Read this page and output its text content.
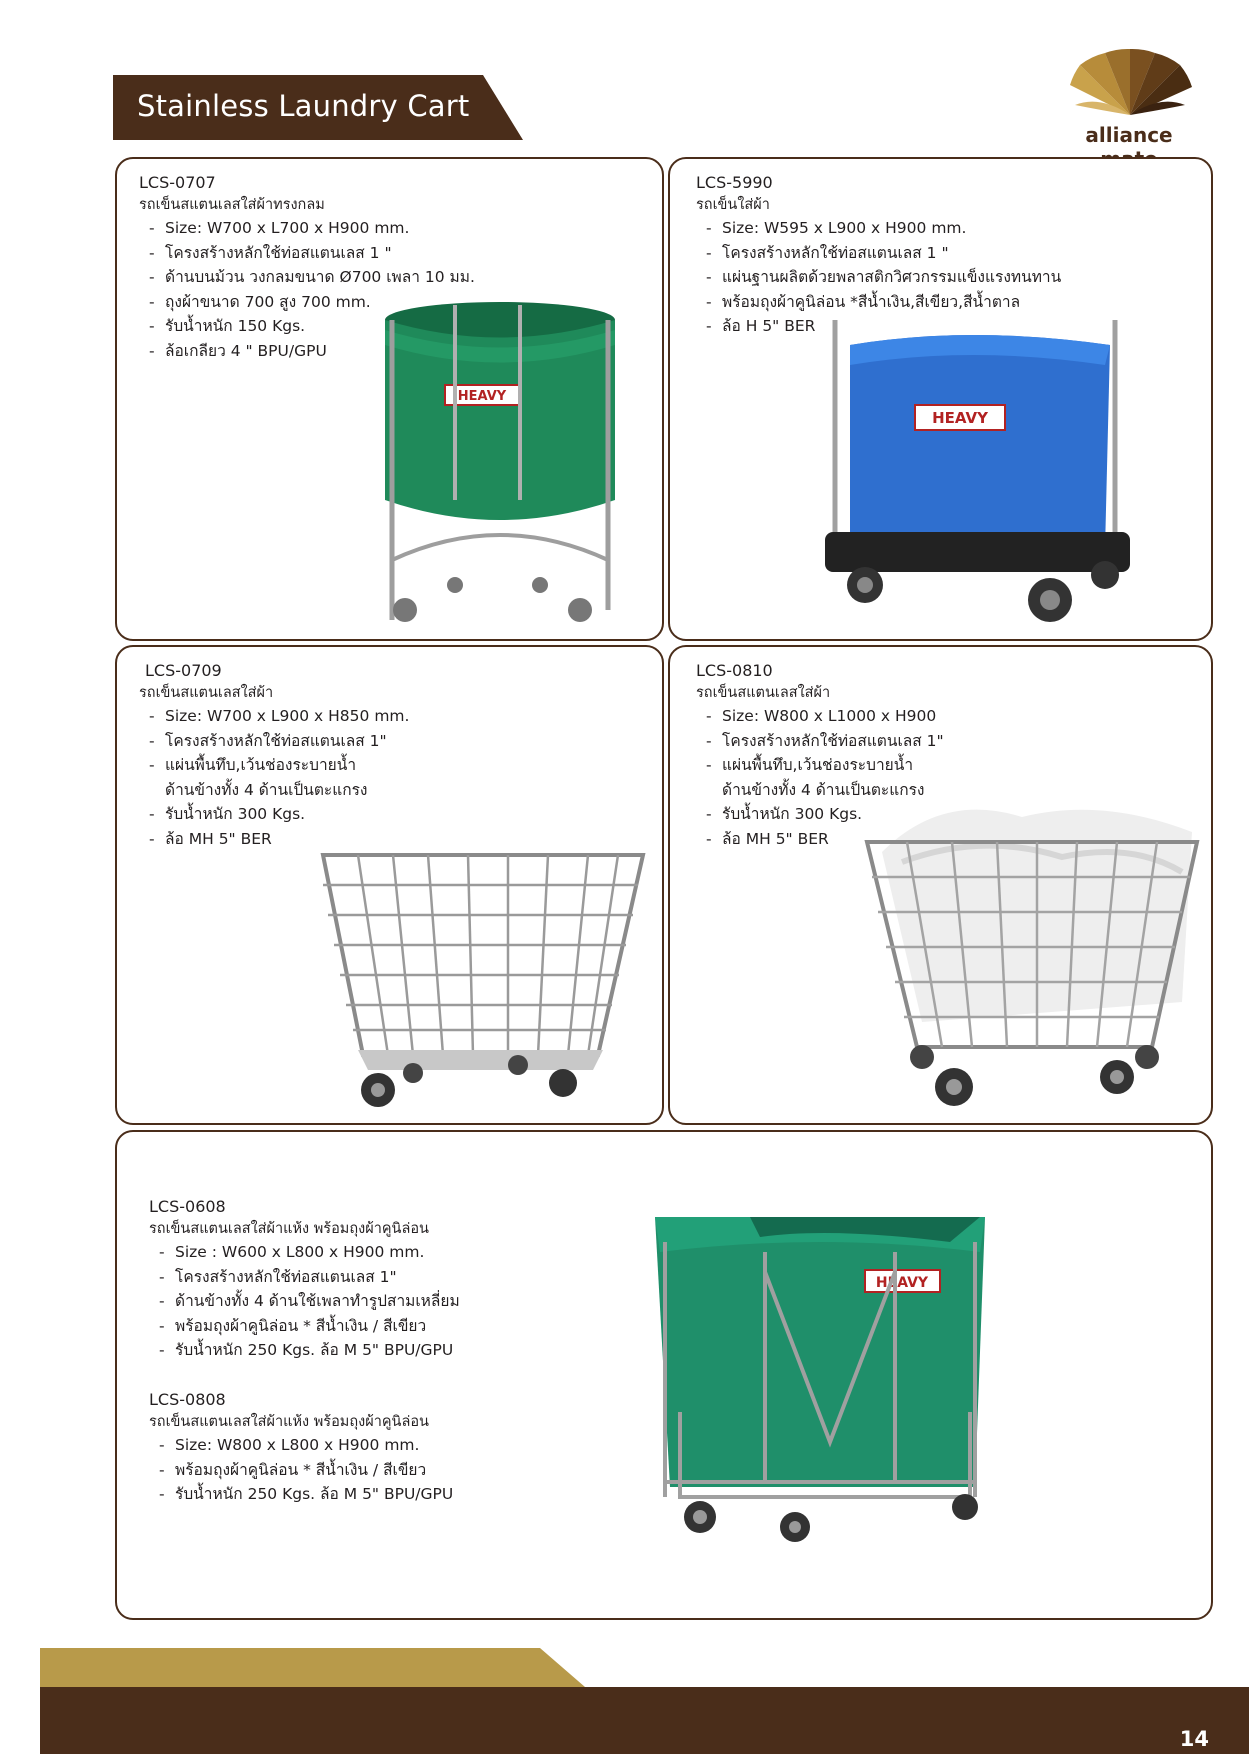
Stainless Laundry Cart
alliance
LCS-0707
รถเข็นสแตนเลสใส่ผ้าทรงกลม
- Size: W700 x L700 x H900 mm.
- โครงสร้างหลักใช้ท่อสแตนเลส 1 "
- ด้านบนม้วน วงกลมขนาด Ø700 เพลา 10 มม.
- ถุงผ้าขนาด 700 สูง 700 mm.
- รับน้ำหนัก 150 Kgs.
- ล้อเกลียว 4 " BPU/GPU
HEAVY
LCS-5990
รถเข็นใส่ผ้า
- Size: W595 x L900 x H900 mm.
- โครงสร้างหลักใช้ท่อสแตนเลส 1 "
- แผ่นฐานผลิตด้วยพลาสติกวิศวกรรมแข็งแรงทนทาน
- พร้อมถุงผ้าคูนิล่อน *สีน้ำเงิน,สีเขียว,สีน้ำตาล
- ล้อ H 5" BER
HEAVY
LCS-0709
รถเข็นสแตนเลสใส่ผ้า
- Size: W700 x L900 x H850 mm.
- โครงสร้างหลักใช้ท่อสแตนเลส 1"
- แผ่นพื้นทึบ,เว้นช่องระบายน้ำ
ด้านข้างทั้ง 4 ด้านเป็นตะแกรง
- รับน้ำหนัก 300 Kgs.
- ล้อ MH 5" BER
LCS-0810
รถเข็นสแตนเลสใส่ผ้า
- Size: W800 x L1000 x H900
- โครงสร้างหลักใช้ท่อสแตนเลส 1"
- แผ่นพื้นทึบ,เว้นช่องระบายน้ำ
ด้านข้างทั้ง 4 ด้านเป็นตะแกรง
- รับน้ำหนัก 300 Kgs.
- ล้อ MH 5" BER
LCS-0608
รถเข็นสแตนเลสใส่ผ้าแห้ง พร้อมถุงผ้าคูนิล่อน
- Size : W600 x L800 x H900 mm.
- โครงสร้างหลักใช้ท่อสแตนเลส 1"
- ด้านข้างทั้ง 4 ด้านใช้เพลาทำรูปสามเหลี่ยม
- พร้อมถุงผ้าคูนิล่อน * สีน้ำเงิน / สีเขียว
- รับน้ำหนัก 250 Kgs. ล้อ M 5" BPU/GPU
LCS-0808
รถเข็นสแตนเลสใส่ผ้าแห้ง พร้อมถุงผ้าคูนิล่อน
- Size: W800 x L800 x H900 mm.
- พร้อมถุงผ้าคูนิล่อน * สีน้ำเงิน / สีเขียว
- รับน้ำหนัก 250 Kgs. ล้อ M 5" BPU/GPU
HEAVY
14
